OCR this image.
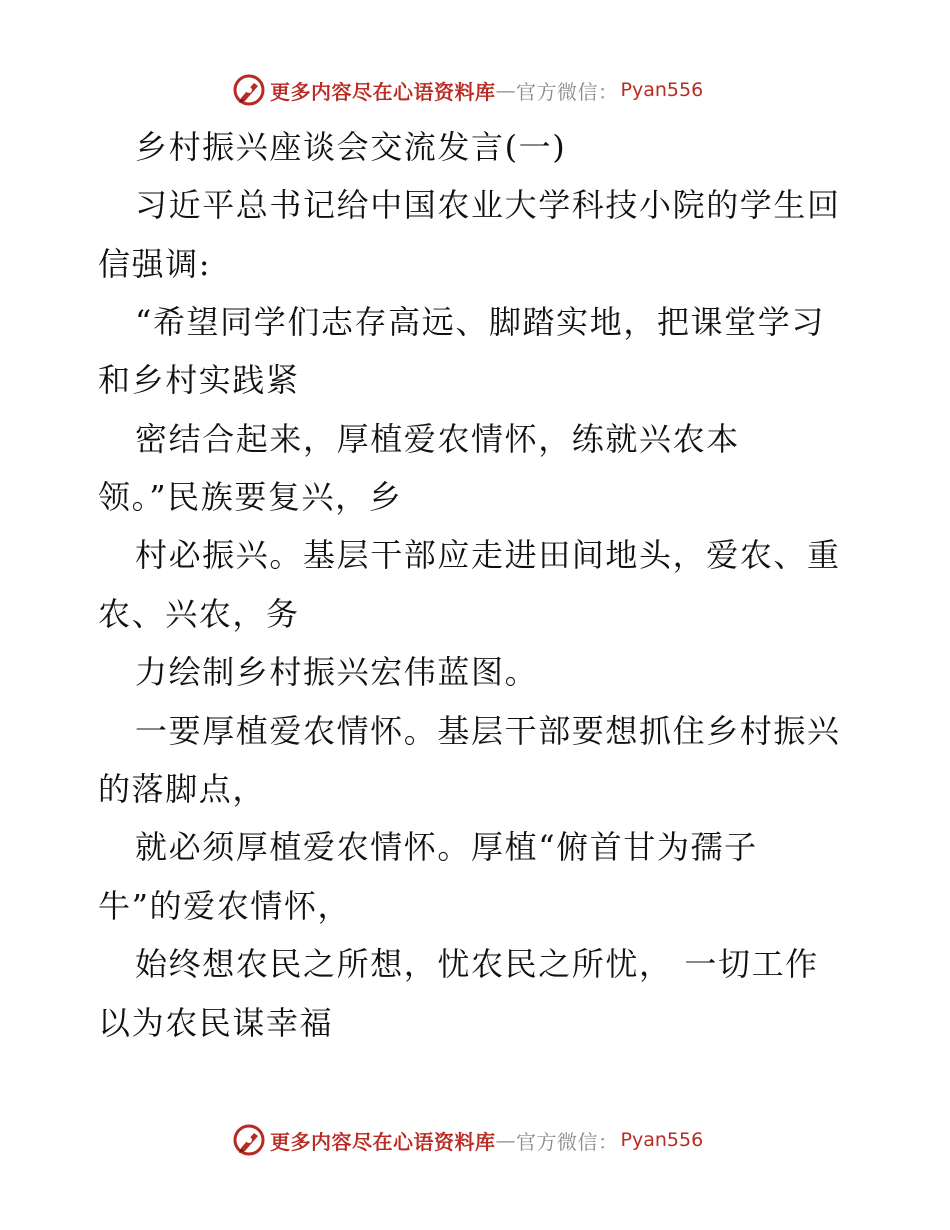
更多内容尽在心语资料库 — 官方微信： Pyan556
乡村振兴座谈会交流发言(一)
习近平总书记给中国农业大学科技小院的学生回
信强调:
“希望同学们志存高远、脚踏实地，把课堂学习
和乡村实践紧
密结合起来，厚植爱农情怀，练就兴农本
领。”民族要复兴，乡
村必振兴。基层干部应走进田间地头，爱农、重
农、兴农，务
力绘制乡村振兴宏伟蓝图。
一要厚植爱农情怀。基层干部要想抓住乡村振兴
的落脚点，
就必须厚植爱农情怀。厚植“俯首甘为孺子
牛”的爱农情怀，
始终想农民之所想，忧农民之所忧， 一切工作
以为农民谋幸福
更多内容尽在心语资料库 — 官方微信： Pyan556
